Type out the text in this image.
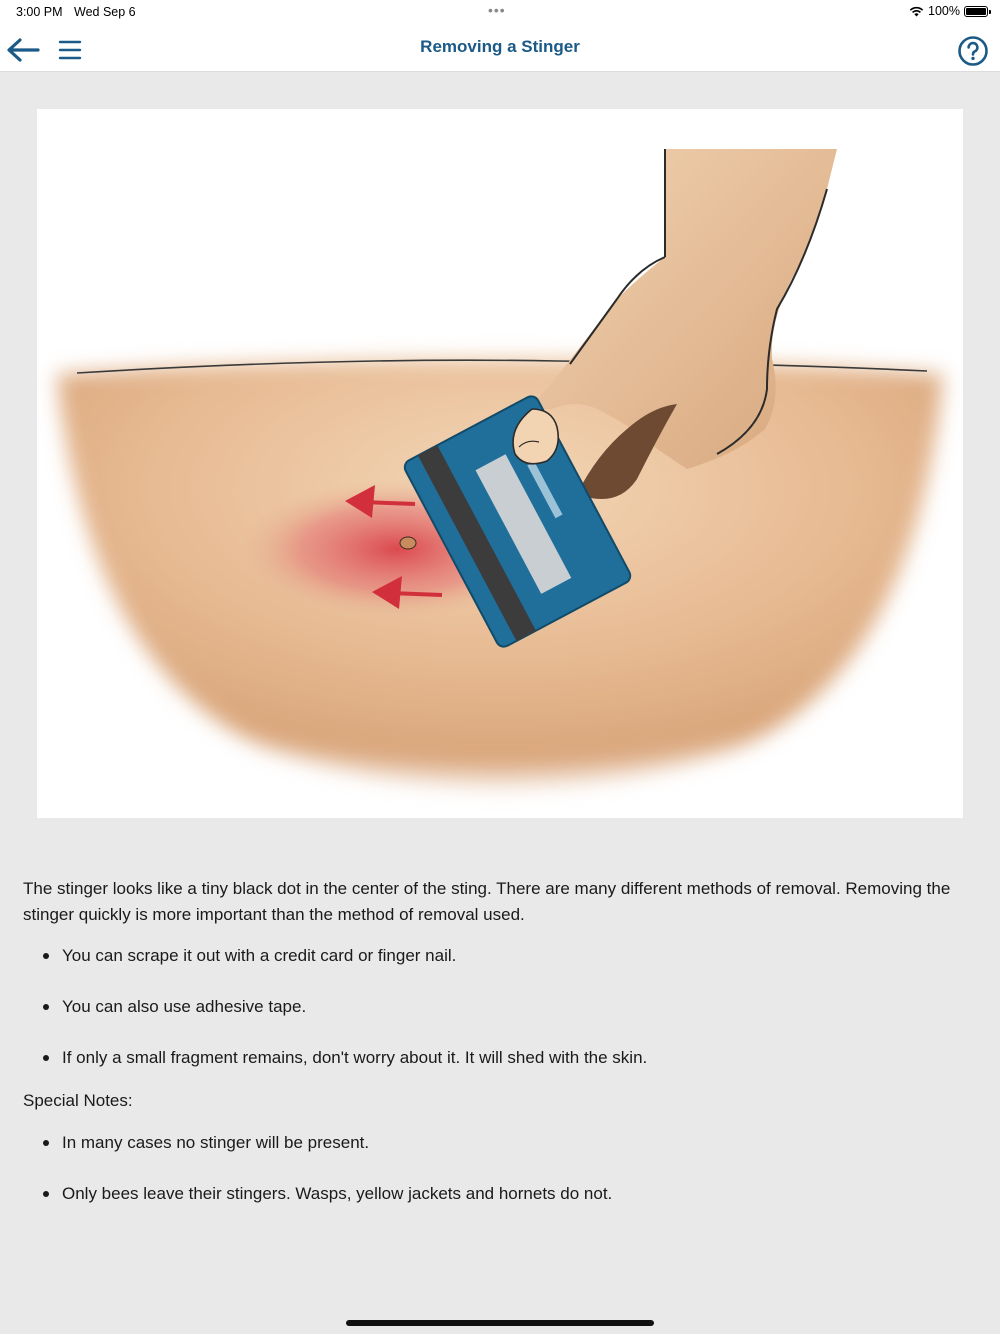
3:00 PM Wed Sep 6	•••	100%
Removing a Stinger

The stinger looks like a tiny black dot in the center of the sting. There are many different methods of removal. Removing the stinger quickly is more important than the method of removal used.

You can scrape it out with a credit card or finger nail.
You can also use adhesive tape.
If only a small fragment remains, don't worry about it. It will shed with the skin.

Special Notes:

In many cases no stinger will be present.
Only bees leave their stingers. Wasps, yellow jackets and hornets do not.
